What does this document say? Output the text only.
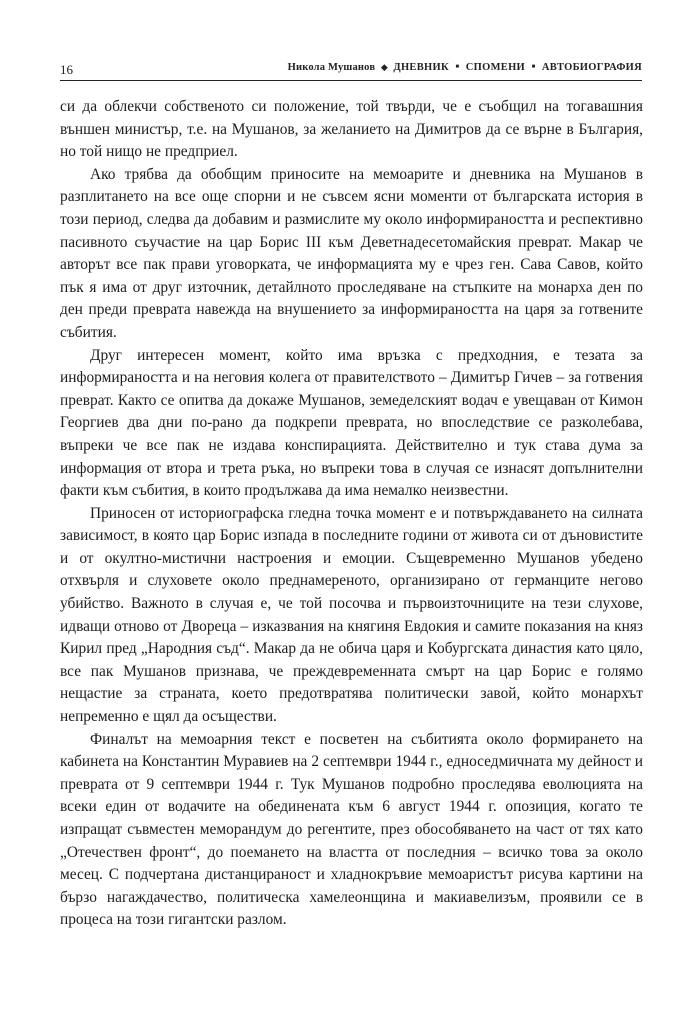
16	Никола Мушанов ◆ ДНЕВНИК ■ СПОМЕНИ ■ АВТОБИОГРАФИЯ

си да облекчи собственото си положение, той твърди, че е съобщил на тогавашния външен министър, т.е. на Мушанов, за желанието на Димитров да се върне в България, но той нищо не предприел.

Ако трябва да обобщим приносите на мемоарите и дневника на Мушанов в разплитането на все още спорни и не съвсем ясни моменти от българската история в този период, следва да добавим и размислите му около информираността и респективно пасивното съучастие на цар Борис III към Деветнадесетомайския преврат. Макар че авторът все пак прави уговорката, че информацията му е чрез ген. Сава Савов, който пък я има от друг източник, детайлното проследяване на стъпките на монарха ден по ден преди преврата навежда на внушението за информираността на царя за готвените събития.

Друг интересен момент, който има връзка с предходния, е тезата за информираността и на неговия колега от правителството – Димитър Гичев – за готвения преврат. Както се опитва да докаже Мушанов, земеделският водач е увещаван от Кимон Георгиев два дни по-рано да подкрепи преврата, но впоследствие се разколебава, въпреки че все пак не издава конспирацията. Действително и тук става дума за информация от втора и трета ръка, но въпреки това в случая се изнасят допълнителни факти към събития, в които продължава да има немалко неизвестни.

Приносен от историографска гледна точка момент е и потвърждаването на силната зависимост, в която цар Борис изпада в последните години от живота си от дъновистите и от окултно-мистични настроения и емоции. Същевременно Мушанов убедено отхвърля и слуховете около преднамереното, организирано от германците негово убийство. Важното в случая е, че той посочва и първоизточниците на тези слухове, идващи отново от Двореца – изказвания на княгиня Евдокия и самите показания на княз Кирил пред „Народния съд“. Макар да не обича царя и Кобургската династия като цяло, все пак Мушанов признава, че преждевременната смърт на цар Борис е голямо нещастие за страната, което предотвратява политически завой, който монархът непременно е щял да осъществи.

Финалът на мемоарния текст е посветен на събитията около формирането на кабинета на Константин Муравиев на 2 септември 1944 г., едноседмичната му дейност и преврата от 9 септември 1944 г. Тук Мушанов подробно проследява еволюцията на всеки един от водачите на обединената към 6 август 1944 г. опозиция, когато те изпращат съвместен меморандум до регентите, през обособяването на част от тях като „Отечествен фронт“, до поемането на властта от последния – всичко това за около месец. С подчертана дистанцираност и хладнокръвие мемоаристът рисува картини на бързо нагаждачество, политическа хамелеонщина и макиавелизъм, проявили се в процеса на този гигантски разлом.
